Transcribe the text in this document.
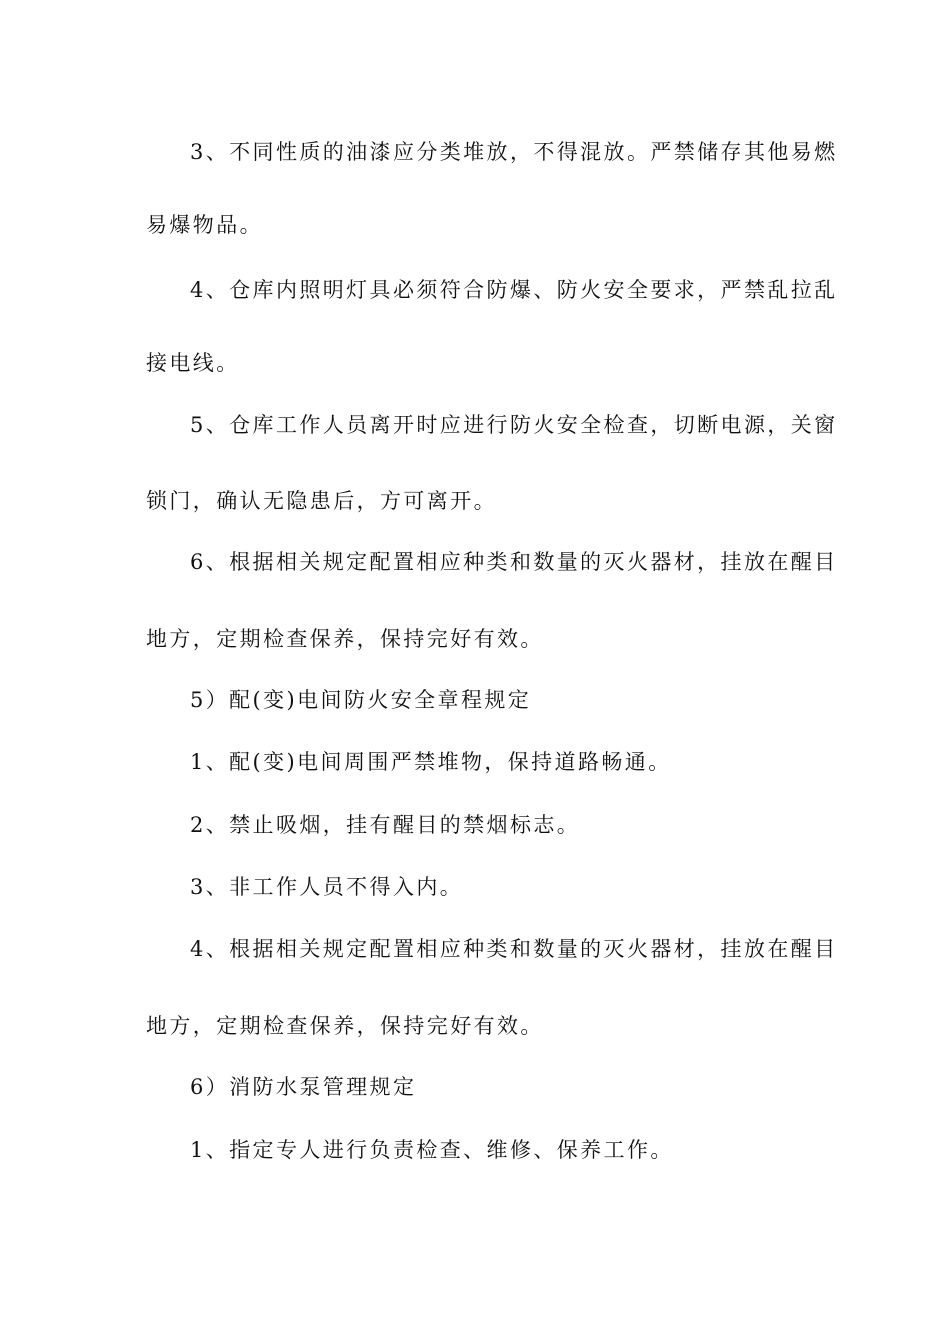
3、不同性质的油漆应分类堆放，不得混放。严禁储存其他易燃
易爆物品。
4、仓库内照明灯具必须符合防爆、防火安全要求，严禁乱拉乱
接电线。
5、仓库工作人员离开时应进行防火安全检查，切断电源，关窗
锁门，确认无隐患后，方可离开。
6、根据相关规定配置相应种类和数量的灭火器材，挂放在醒目
地方，定期检查保养，保持完好有效。
5）配(变)电间防火安全章程规定
1、配(变)电间周围严禁堆物，保持道路畅通。
2、禁止吸烟，挂有醒目的禁烟标志。
3、非工作人员不得入内。
4、根据相关规定配置相应种类和数量的灭火器材，挂放在醒目
地方，定期检查保养，保持完好有效。
6）消防水泵管理规定
1、指定专人进行负责检查、维修、保养工作。
